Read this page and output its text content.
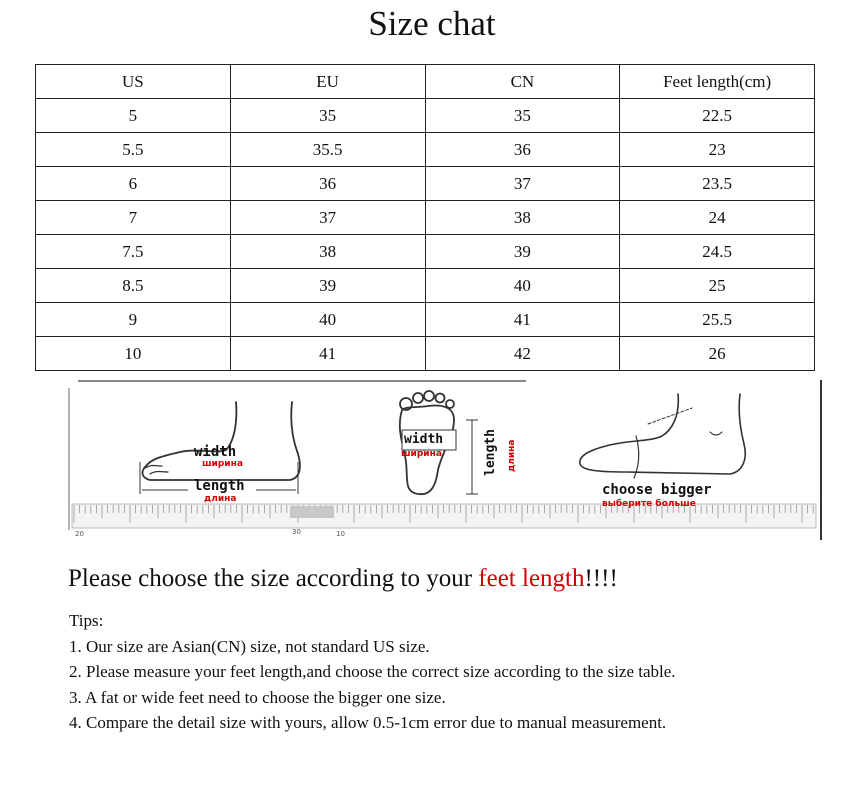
Size chat
US	EU	CN	Feet length(cm)
5	35	35	22.5
5.5	35.5	36	23
6	36	37	23.5
7	37	38	24
7.5	38	39	24.5
8.5	39	40	25
9	40	41	25.5
10	41	42	26
20	30	10
width
ширина
length
длина
width
ширина	length длина
choose bigger
выберите больше
Please choose the size according to your feet length!!!!

Tips:

1. Our size are Asian(CN) size, not standard US size.

2. Please measure your feet length,and choose the correct size according to the size table.

3. A fat or wide feet need to choose the bigger one size.

4. Compare the detail size with yours, allow 0.5-1cm error due to manual measurement.
